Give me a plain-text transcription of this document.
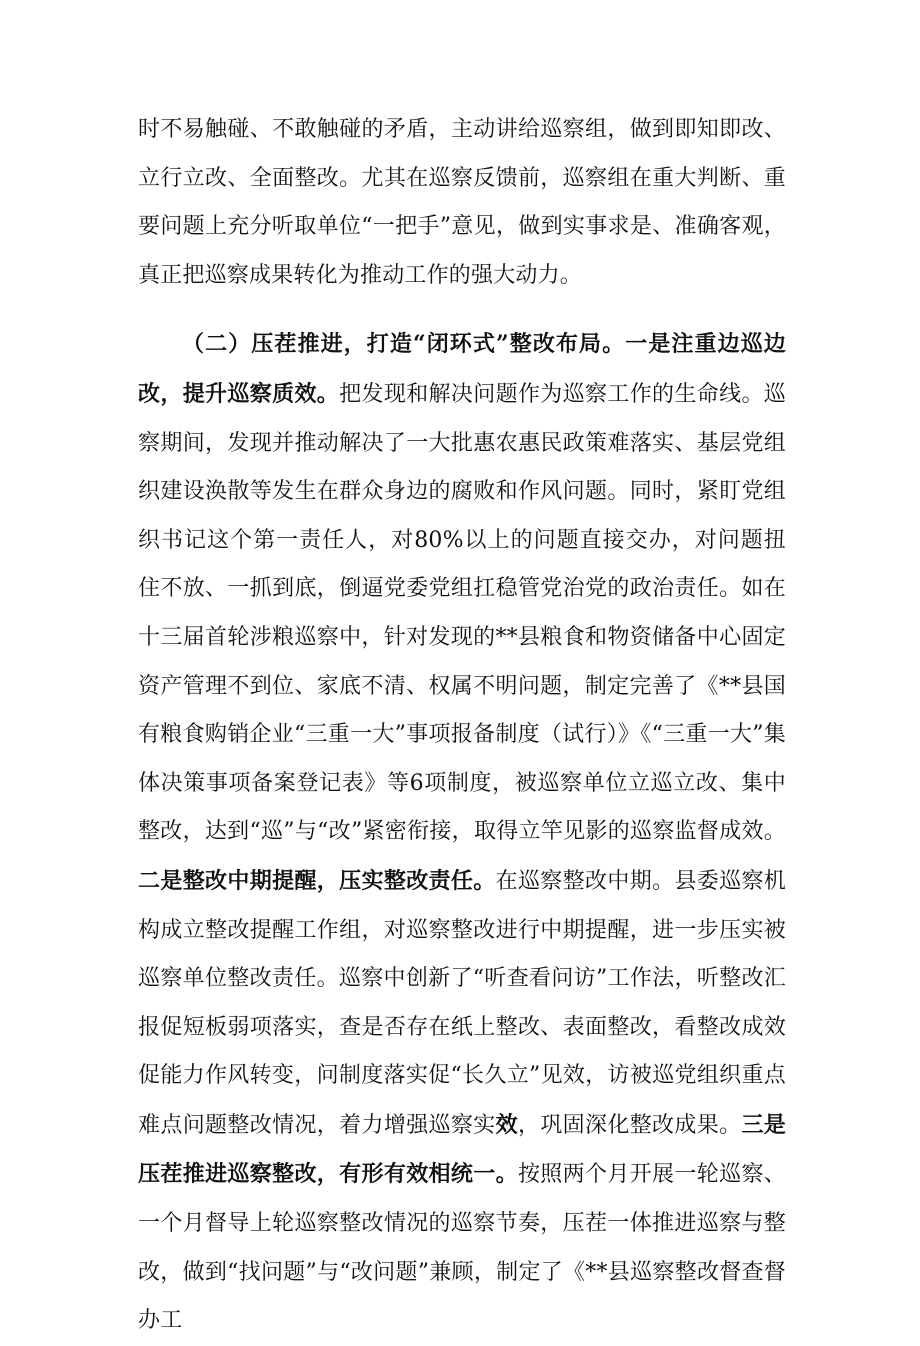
时不易触碰、不敢触碰的矛盾，主动讲给巡察组，做到即知即改、立行立改、全面整改。尤其在巡察反馈前，巡察组在重大判断、重要问题上充分听取单位“一把手”意见，做到实事求是、准确客观，真正把巡察成果转化为推动工作的强大动力。

（二）压茬推进，打造“闭环式”整改布局。一是注重边巡边改，提升巡察质效。把发现和解决问题作为巡察工作的生命线。巡察期间，发现并推动解决了一大批惠农惠民政策难落实、基层党组织建设涣散等发生在群众身边的腐败和作风问题。同时，紧盯党组织书记这个第一责任人，对80%以上的问题直接交办，对问题扭住不放、一抓到底，倒逼党委党组扛稳管党治党的政治责任。如在十三届首轮涉粮巡察中，针对发现的**县粮食和物资储备中心固定资产管理不到位、家底不清、权属不明问题，制定完善了《**县国有粮食购销企业“三重一大”事项报备制度（试行）》《“三重一大”集体决策事项备案登记表》等6项制度，被巡察单位立巡立改、集中整改，达到“巡”与“改”紧密衔接，取得立竿见影的巡察监督成效。二是整改中期提醒，压实整改责任。在巡察整改中期。县委巡察机构成立整改提醒工作组，对巡察整改进行中期提醒，进一步压实被巡察单位整改责任。巡察中创新了“听查看问访”工作法，听整改汇报促短板弱项落实，查是否存在纸上整改、表面整改，看整改成效促能力作风转变，问制度落实促“长久立”见效，访被巡党组织重点难点问题整改情况，着力增强巡察实效，巩固深化整改成果。三是压茬推进巡察整改，有形有效相统一。按照两个月开展一轮巡察、一个月督导上轮巡察整改情况的巡察节奏，压茬一体推进巡察与整改，做到“找问题”与“改问题”兼顾，制定了《**县巡察整改督查督办工
